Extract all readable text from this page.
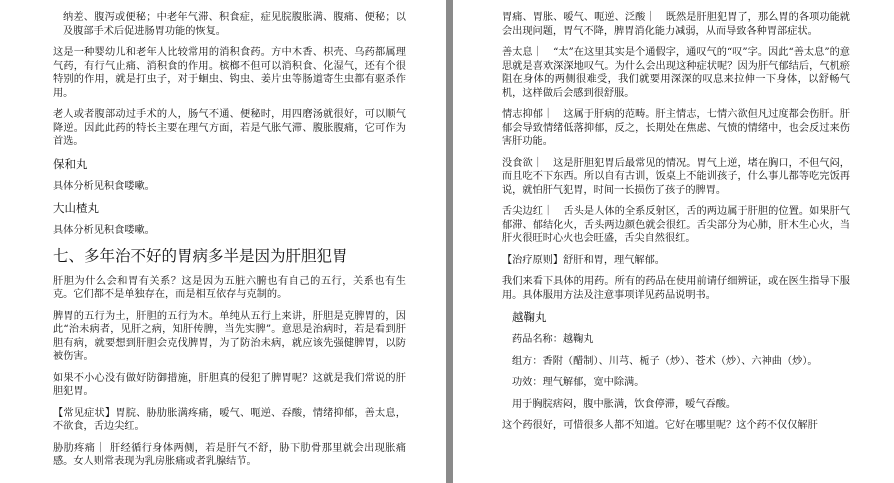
纳差、腹泻或便秘；中老年气滞、积食症，症见脘腹胀满、腹痛、便秘；以及腹部手术后促进肠胃功能的恢复。

这是一种婴幼儿和老年人比较常用的消积食药。方中木香、枳壳、乌药都属理气药，有行气止痛、消积食的作用。槟榔不但可以消积食、化湿气，还有个很特别的作用，就是打虫子，对于蛔虫、钩虫、姜片虫等肠道寄生虫都有驱杀作用。

老人或者腹部动过手术的人，肠气不通、便秘时，用四磨汤就很好，可以顺气降逆。因此此药的特长主要在理气方面，若是气胀气滞、腹胀腹痛，它可作为首选。

保和丸

具体分析见积食喽嗽。

大山楂丸

具体分析见积食喽嗽。

七、多年治不好的胃病多半是因为肝胆犯胃

肝胆为什么会和胃有关系？这是因为五脏六腑也有自己的五行，关系也有生克。它们都不是单独存在，而是相互依存与克制的。

脾胃的五行为土，肝胆的五行为木。单纯从五行上来讲，肝胆是克脾胃的，因此“治未病者，见肝之病，知肝传脾，当先实脾”。意思是治病时，若是看到肝胆有病，就要想到肝胆会克伐脾胃，为了防治未病，就应该先强健脾胃，以防被伤害。

如果不小心没有做好防御措施，肝胆真的侵犯了脾胃呢？这就是我们常说的肝胆犯胃。

【常见症状】胃脘、胁肋胀满疼痛，嗳气、呃逆、吞酸，情绪抑郁，善太息，不欲食，舌边尖红。

胁肋疼痛｜ 肝经循行身体两侧，若是肝气不舒，胁下肋骨那里就会出现胀痛感。女人则常表现为乳房胀痛或者乳腺结节。

胃痛、胃胀、嗳气、呃逆、泛酸｜　既然是肝胆犯胃了，那么胃的各项功能就会出现问题，胃气不降，脾胃消化能力减弱，从而导致各种胃部症状。

善太息｜　“太”在这里其实是个通假字，通叹气的“叹”字。因此“善太息”的意思就是喜欢深深地叹气。为什么会出现这种症状呢？因为肝气郁结后，气机瘀阻在身体的两侧很难受，我们就要用深深的叹息来拉伸一下身体，以舒畅气机，这样做后会感到很舒服。

情志抑郁｜　这属于肝病的范畴。肝主情志，七情六欲但凡过度都会伤肝。肝郁会导致情绪低落抑郁，反之，长期处在焦虑、气愤的情绪中，也会反过来伤害肝功能。

没食欲｜　这是肝胆犯胃后最常见的情况。胃气上逆，堵在胸口，不但气闷，而且吃不下东西。所以自有古训，饭桌上不能训孩子，什么事儿都等吃完饭再说，就怕肝气犯胃，时间一长损伤了孩子的脾胃。

舌尖边红｜　舌头是人体的全系反射区，舌的两边属于肝胆的位置。如果肝气郁滞、郁结化火，舌头两边颜色就会很红。舌尖部分为心肺，肝木生心火，当肝火很旺时心火也会旺盛，舌尖自然很红。

【治疗原则】舒肝和胃，理气解郁。

我们来看下具体的用药。所有的药品在使用前请仔细辨证，或在医生指导下服用。具体服用方法及注意事项详见药品说明书。

越鞠丸

药品名称：越鞠丸

组方：香附（醋制）、川芎、栀子（炒）、苍术（炒）、六神曲（炒）。

功效：理气解郁，宽中除满。

用于胸脘痞闷，腹中胀满，饮食停滞，嗳气吞酸。

这个药很好，可惜很多人都不知道。它好在哪里呢？这个药不仅仅解肝
